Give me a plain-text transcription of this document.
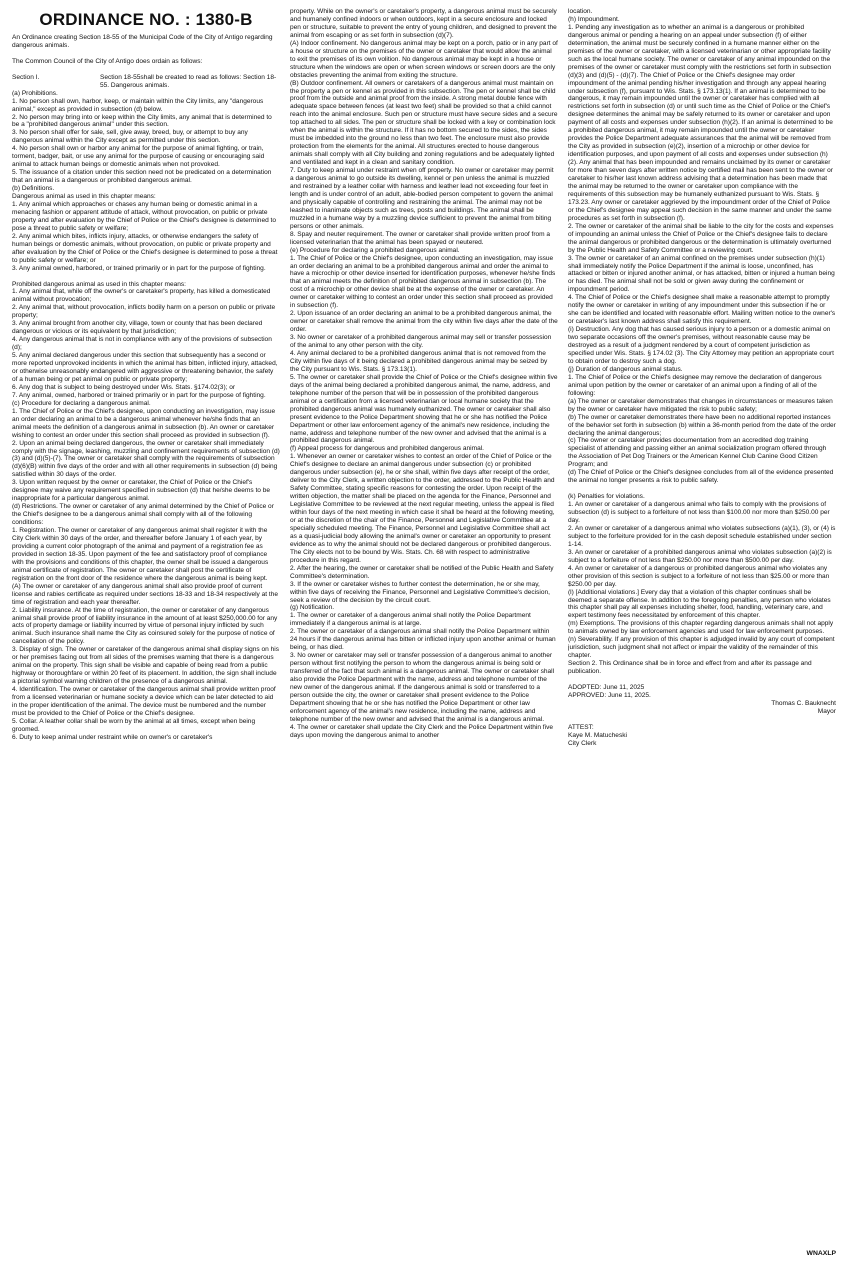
ORDINANCE NO. : 1380-B

An Ordinance creating Section 18-55 of the Municipal Code of the City of Antigo regarding dangerous animals.

The Common Council of the City of Antigo does ordain as follows:

Section I.	Section 18-55shall be created to read as follows: Section 18-55. Dangerous animals.

(a) Prohibitions.

1. No person shall own, harbor, keep, or maintain within the City limits, any "dangerous animal," except as provided in subsection (d) below.

2. No person may bring into or keep within the City limits, any animal that is determined to be a "prohibited dangerous animal" under this section.

3. No person shall offer for sale, sell, give away, breed, buy, or attempt to buy any dangerous animal within the City except as permitted under this section.

4. No person shall own or harbor any animal for the purpose of animal fighting, or train, torment, badger, bait, or use any animal for the purpose of causing or encouraging said animal to attack human beings or domestic animals when not provoked.

5. The issuance of a citation under this section need not be predicated on a determination that an animal is a dangerous or prohibited dangerous animal.

(b) Definitions.

Dangerous animal as used in this chapter means:

1. Any animal which approaches or chases any human being or domestic animal in a menacing fashion or apparent attitude of attack, without provocation, on public or private property and after evaluation by the Chief of Police or the Chief's designee is determined to pose a threat to public safety or welfare;

2. Any animal which bites, inflicts injury, attacks, or otherwise endangers the safety of human beings or domestic animals, without provocation, on public or private property and after evaluation by the Chief of Police or the Chief's designee is determined to pose a threat to public safety or welfare; or

3. Any animal owned, harbored, or trained primarily or in part for the purpose of fighting.

Prohibited dangerous animal as used in this chapter means:

1. Any animal that, while off the owner's or caretaker's property, has killed a domesticated animal without provocation;

2. Any animal that, without provocation, inflicts bodily harm on a person on public or private property;

3. Any animal brought from another city, village, town or county that has been declared dangerous or vicious or its equivalent by that jurisdiction;

4. Any dangerous animal that is not in compliance with any of the provisions of subsection (d);

5. Any animal declared dangerous under this section that subsequently has a second or more reported unprovoked incidents in which the animal has bitten, inflicted injury, attacked, or otherwise unreasonably endangered with aggressive or threatening behavior, the safety of a human being or pet animal on public or private property;

6. Any dog that is subject to being destroyed under Wis. Stats. §174.02(3); or

7. Any animal, owned, harbored or trained primarily or in part for the purpose of fighting.

(c) Procedure for declaring a dangerous animal.

1. The Chief of Police or the Chief's designee, upon conducting an investigation, may issue an order declaring an animal to be a dangerous animal whenever he/she finds that an animal meets the definition of a dangerous animal in subsection (b). An owner or caretaker wishing to contest an order under this section shall proceed as provided in subsection (f).

2. Upon an animal being declared dangerous, the owner or caretaker shall immediately comply with the signage, leashing, muzzling and confinement requirements of subsection (d)(3) and (d)(5)-(7). The owner or caretaker shall comply with the requirements of subsection (d)(6)(B) within five days of the order and with all other requirements in subsection (d) being satisfied within 30 days of the order.

3. Upon written request by the owner or caretaker, the Chief of Police or the Chief's designee may waive any requirement specified in subsection (d) that he/she deems to be inappropriate for a particular dangerous animal.

(d) Restrictions. The owner or caretaker of any animal determined by the Chief of Police or the Chief's designee to be a dangerous animal shall comply with all of the following conditions:

1. Registration. The owner or caretaker of any dangerous animal shall register it with the City Clerk within 30 days of the order, and thereafter before January 1 of each year, by providing a current color photograph of the animal and payment of a registration fee as provided in section 18-35. Upon payment of the fee and satisfactory proof of compliance with the provisions and conditions of this chapter, the owner shall be issued a dangerous animal certificate of registration. The owner or caretaker shall post the certificate of registration on the front door of the residence where the dangerous animal is being kept.

(A) The owner or caretaker of any dangerous animal shall also provide proof of current license and rabies certificate as required under sections 18-33 and 18-34 respectively at the time of registration and each year thereafter.

2. Liability insurance. At the time of registration, the owner or caretaker of any dangerous animal shall provide proof of liability insurance in the amount of at least $250,000.00 for any acts of property damage or liability incurred by virtue of personal injury inflicted by such animal. Such insurance shall name the City as coinsured solely for the purpose of notice of cancellation of the policy.

3. Display of sign. The owner or caretaker of the dangerous animal shall display signs on his or her premises facing out from all sides of the premises warning that there is a dangerous animal on the property. This sign shall be visible and capable of being read from a public highway or thoroughfare or within 20 feet of its placement. In addition, the sign shall include a pictorial symbol warning children of the presence of a dangerous animal.

4. Identification. The owner or caretaker of the dangerous animal shall provide written proof from a licensed veterinarian or humane society a device which can be later detected to aid in the proper identification of the animal. The device must be numbered and the number must be provided to the Chief of Police or the Chief's designee.

5. Collar. A leather collar shall be worn by the animal at all times, except when being groomed.

6. Duty to keep animal under restraint while on owner's or caretaker's

property. While on the owner's or caretaker's property, a dangerous animal must be securely and humanely confined indoors or when outdoors, kept in a secure enclosure and locked pen or structure, suitable to prevent the entry of young children, and designed to prevent the animal from escaping or as set forth in subsection (d)(7).

(A) Indoor confinement. No dangerous animal may be kept on a porch, patio or in any part of a house or structure on the premises of the owner or caretaker that would allow the animal to exit the premises of its own volition. No dangerous animal may be kept in a house or structure when the windows are open or when screen windows or screen doors are the only obstacles preventing the animal from exiting the structure.

(B) Outdoor confinement. All owners or caretakers of a dangerous animal must maintain on the property a pen or kennel as provided in this subsection. The pen or kennel shall be child proof from the outside and animal proof from the inside. A strong metal double fence with adequate space between fences (at least two feet) shall be provided so that a child cannot reach into the animal enclosure. Such pen or structure must have secure sides and a secure top attached to all sides. The pen or structure shall be locked with a key or combination lock when the animal is within the structure. If it has no bottom secured to the sides, the sides must be imbedded into the ground no less than two feet. The enclosure must also provide protection from the elements for the animal. All structures erected to house dangerous animals shall comply with all City building and zoning regulations and be adequately lighted and ventilated and kept in a clean and sanitary condition.

7. Duty to keep animal under restraint when off property. No owner or caretaker may permit a dangerous animal to go outside its dwelling, kennel or pen unless the animal is muzzled and restrained by a leather collar with harness and leather lead not exceeding four feet in length and is under control of an adult, able-bodied person competent to govern the animal and physically capable of controlling and restraining the animal. The animal may not be leashed to inanimate objects such as trees, posts and buildings. The animal shall be muzzled in a humane way by a muzzling device sufficient to prevent the animal from biting persons or other animals.

8. Spay and neuter requirement. The owner or caretaker shall provide written proof from a licensed veterinarian that the animal has been spayed or neutered.

(e) Procedure for declaring a prohibited dangerous animal.

1. The Chief of Police or the Chief's designee, upon conducting an investigation, may issue an order declaring an animal to be a prohibited dangerous animal and order the animal to have a microchip or other device inserted for identification purposes, whenever he/she finds that an animal meets the definition of prohibited dangerous animal in subsection (b). The cost of a microchip or other device shall be at the expense of the owner or caretaker. An owner or caretaker withing to contest an order under this section shall proceed as provided in subsection (f).

2. Upon issuance of an order declaring an animal to be a prohibited dangerous animal, the owner or caretaker shall remove the animal from the city within five days after the date of the order.

3. No owner or caretaker of a prohibited dangerous animal may sell or transfer possession of the animal to any other person with the city.

4. Any animal declared to be a prohibited dangerous animal that is not removed from the City within five days of it being declared a prohibited dangerous animal may be seized by the City pursuant to Wis. Stats. § 173.13(1).

5. The owner or caretaker shall provide the Chief of Police or the Chief's designee within five days of the animal being declared a prohibited dangerous animal, the name, address, and telephone number of the person that will be in possession of the prohibited dangerous animal or a certification from a licensed veterinarian or local humane society that the prohibited dangerous animal was humanely euthanized. The owner or caretaker shall also present evidence to the Police Department showing that he or she has notified the Police Department or other law enforcement agency of the animal's new residence, including the name, address and telephone number of the new owner and advised that the animal is a prohibited dangerous animal.

(f) Appeal process for dangerous and prohibited dangerous animal.

1. Whenever an owner or caretaker wishes to contest an order of the Chief of Police or the Chief's designee to declare an animal dangerous under subsection (c) or prohibited dangerous under subsection (e), he or she shall, within five days after receipt of the order, deliver to the City Clerk, a written objection to the order, addressed to the Public Health and Safety Committee, stating specific reasons for contesting the order. Upon receipt of the written objection, the matter shall be placed on the agenda for the Finance, Personnel and Legislative Committee to be reviewed at the next regular meeting, unless the appeal is filed within four days of the next meeting in which case it shall be heard at the following meeting, or at the discretion of the chair of the Finance, Personnel and Legislative Committee at a specially scheduled meeting. The Finance, Personnel and Legislative Committee shall act as a quasi-judicial body allowing the animal's owner or caretaker an opportunity to present evidence as to why the animal should not be declared dangerous or prohibited dangerous. The City elects not to be bound by Wis. Stats. Ch. 68 with respect to administrative procedure in this regard.

2. After the hearing, the owner or caretaker shall be notified of the Public Health and Safety Committee's determination.

3. If the owner or caretaker wishes to further contest the determination, he or she may, within five days of receiving the Finance, Personnel and Legislative Committee's decision, seek a review of the decision by the circuit court.

(g) Notification.

1. The owner or caretaker of a dangerous animal shall notify the Police Department immediately if a dangerous animal is at large.

2. The owner or caretaker of a dangerous animal shall notify the Police Department within 24 hours if the dangerous animal has bitten or inflicted injury upon another animal or human being, or has died.

3. No owner or caretaker may sell or transfer possession of a dangerous animal to another person without first notifying the person to whom the dangerous animal is being sold or transferred of the fact that such animal is a dangerous animal. The owner or caretaker shall also provide the Police Department with the name, address and telephone number of the new owner of the dangerous animal. If the dangerous animal is sold or transferred to a person outside the city, the owner or caretaker shall present evidence to the Police Department showing that he or she has notified the Police Department or other law enforcement agency of the animal's new residence, including the name, address and telephone number of the new owner and advised that the animal is a dangerous animal.

4. The owner or caretaker shall update the City Clerk and the Police Department within five days upon moving the dangerous animal to another

location.

(h) Impoundment.

1. Pending any investigation as to whether an animal is a dangerous or prohibited dangerous animal or pending a hearing on an appeal under subsection (f) of either determination, the animal must be securely confined in a humane manner either on the premises of the owner or caretaker, with a licensed veterinarian or other appropriate facility such as the local humane society. The owner or caretaker of any animal impounded on the premises of the owner or caretaker must comply with the restrictions set forth in subsection (d)(3) and (d)(5) - (d)(7). The Chief of Police or the Chief's designee may order impoundment of the animal pending his/her investigation and through any appeal hearing under subsection (f), pursuant to Wis. Stats. § 173.13(1). If an animal is determined to be dangerous, it may remain impounded until the owner or caretaker has complied with all restrictions set forth in subsection (d) or until such time as the Chief of Police or the Chief's designee determines the animal may be safely returned to its owner or caretaker and upon payment of all costs and expenses under subsection (h)(2). If an animal is determined to be a prohibited dangerous animal, it may remain impounded until the owner or caretaker provides the Police Department adequate assurances that the animal will be removed from the City as provided in subsection (e)(2), insertion of a microchip or other device for identification purposes, and upon payment of all costs and expenses under subsection (h)(2). Any animal that has been impounded and remains unclaimed by its owner or caretaker for more than seven days after written notice by certified mail has been sent to the owner or caretaker to his/her last known address advising that a determination has been made that the animal may be returned to the owner or caretaker upon compliance with the requirements of this subsection may be humanely euthanized pursuant to Wis. Stats. § 173.23. Any owner or caretaker aggrieved by the impoundment order of the Chief of Police or the Chief's designee may appeal such decision in the same manner and under the same procedures as set forth in subsection (f).

2. The owner or caretaker of the animal shall be liable to the city for the costs and expenses of impounding an animal unless the Chief of Police or the Chief's designee fails to declare the animal dangerous or prohibited dangerous or the determination is ultimately overturned by the Public Health and Safety Committee or a reviewing court.

3. The owner or caretaker of an animal confined on the premises under subsection (h)(1) shall immediately notify the Police Department if the animal is loose, unconfined, has attacked or bitten or injured another animal, or has attacked, bitten or injured a human being or has died. The animal shall not be sold or given away during the confinement or impoundment period.

4. The Chief of Police or the Chief's designee shall make a reasonable attempt to promptly notify the owner or caretaker in writing of any impoundment under this subsection if he or she can be identified and located with reasonable effort. Mailing written notice to the owner's or caretaker's last known address shall satisfy this requirement.

(i) Destruction. Any dog that has caused serious injury to a person or a domestic animal on two separate occasions off the owner's premises, without reasonable cause may be destroyed as a result of a judgment rendered by a court of competent jurisdiction as specified under Wis. Stats. § 174.02 (3). The City Attorney may petition an appropriate court to obtain order to destroy such a dog.

(j) Duration of dangerous animal status.

1. The Chief of Police or the Chief's designee may remove the declaration of dangerous animal upon petition by the owner or caretaker of an animal upon a finding of all of the following:

(a) The owner or caretaker demonstrates that changes in circumstances or measures taken by the owner or caretaker have mitigated the risk to public safety;

(b) The owner or caretaker demonstrates there have been no additional reported instances of the behavior set forth in subsection (b) within a 36-month period from the date of the order declaring the animal dangerous;

(c) The owner or caretaker provides documentation from an accredited dog training specialist of attending and passing either an animal socialization program offered through the Association of Pet Dog Trainers or the American Kennel Club Canine Good Citizen Program; and

(d) The Chief of Police or the Chief's designee concludes from all of the evidence presented the animal no longer presents a risk to public safety.

(k) Penalties for violations.

1. An owner or caretaker of a dangerous animal who fails to comply with the provisions of subsection (d) is subject to a forfeiture of not less than $100.00 nor more than $250.00 per day.

2. An owner or caretaker of a dangerous animal who violates subsections (a)(1), (3), or (4) is subject to the forfeiture provided for in the cash deposit schedule established under section 1-14.

3. An owner or caretaker of a prohibited dangerous animal who violates subsection (a)(2) is subject to a forfeiture of not less than $250.00 nor more than $500.00 per day.

4. An owner or caretaker of a dangerous or prohibited dangerous animal who violates any other provision of this section is subject to a forfeiture of not less than $25.00 or more than $250.00 per day.

(l) [Additional violations.] Every day that a violation of this chapter continues shall be deemed a separate offense. In addition to the foregoing penalties, any person who violates this chapter shall pay all expenses including shelter, food, handling, veterinary care, and expert testimony fees necessitated by enforcement of this chapter.

(m) Exemptions. The provisions of this chapter regarding dangerous animals shall not apply to animals owned by law enforcement agencies and used for law enforcement purposes.

(n) Severability. If any provision of this chapter is adjudged invalid by any court of competent jurisdiction, such judgment shall not affect or impair the validity of the remainder of this chapter.

Section 2. This Ordinance shall be in force and effect from and after its passage and publication.

ADOPTED: June 11, 2025

APPROVED: June 11, 2025.

Thomas C. Bauknecht

Mayor

ATTEST:

Kaye M. Matucheski

City Clerk

WNAXLP
